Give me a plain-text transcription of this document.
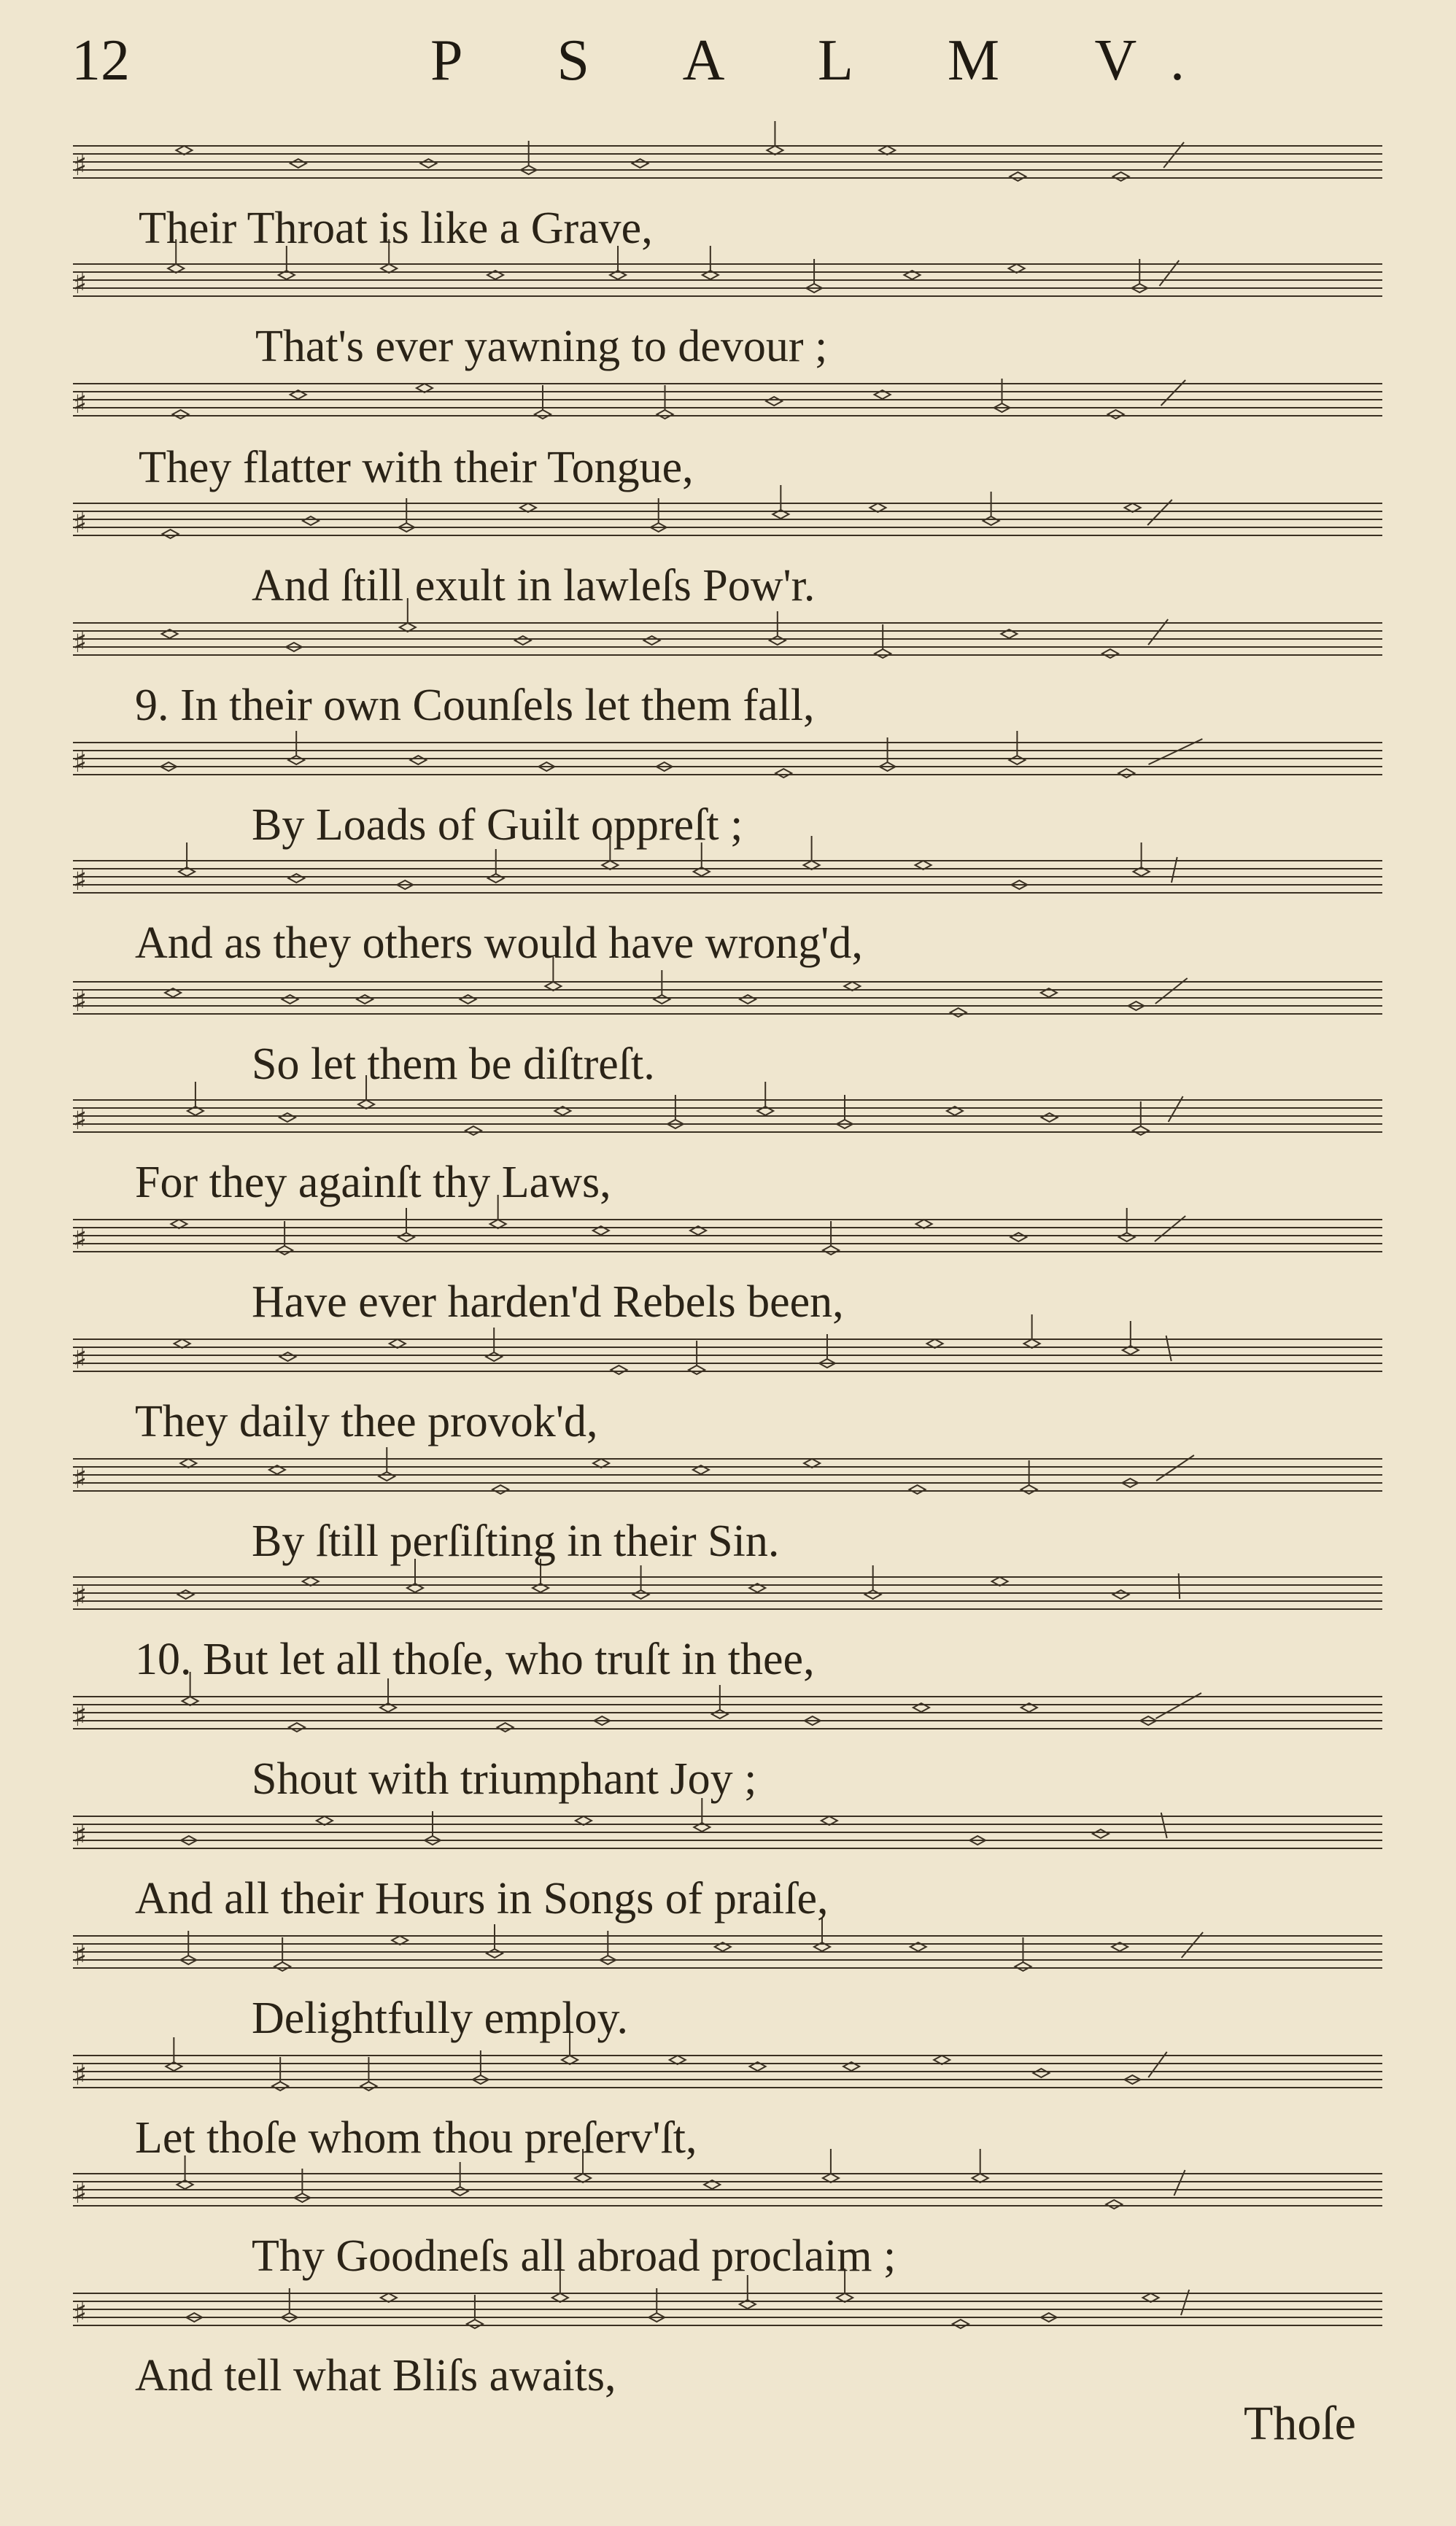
12	P S A L M V.
♯
♯
♯
♯
♯
♯
♯
♯
♯
♯
♯
♯
♯
♯
♯
♯
♯
♯
♯
Their Throat is like a Grave,
That's ever yawning to devour ;
They flatter with their Tongue,
And ſtill exult in lawleſs Pow'r.
9. In their own Counſels let them fall,
By Loads of Guilt oppreſt ;
And as they others would have wrong'd,
So let them be diſtreſt.
For they againſt thy Laws,
Have ever harden'd Rebels been,
They daily thee provok'd,
By ſtill perſiſting in their Sin.
10. But let all thoſe, who truſt in thee,
Shout with triumphant Joy ;
And all their Hours in Songs of praiſe,
Delightfully employ.
Let thoſe whom thou preſerv'ſt,
Thy Goodneſs all abroad proclaim ;
And tell what Bliſs awaits,
Thoſe
